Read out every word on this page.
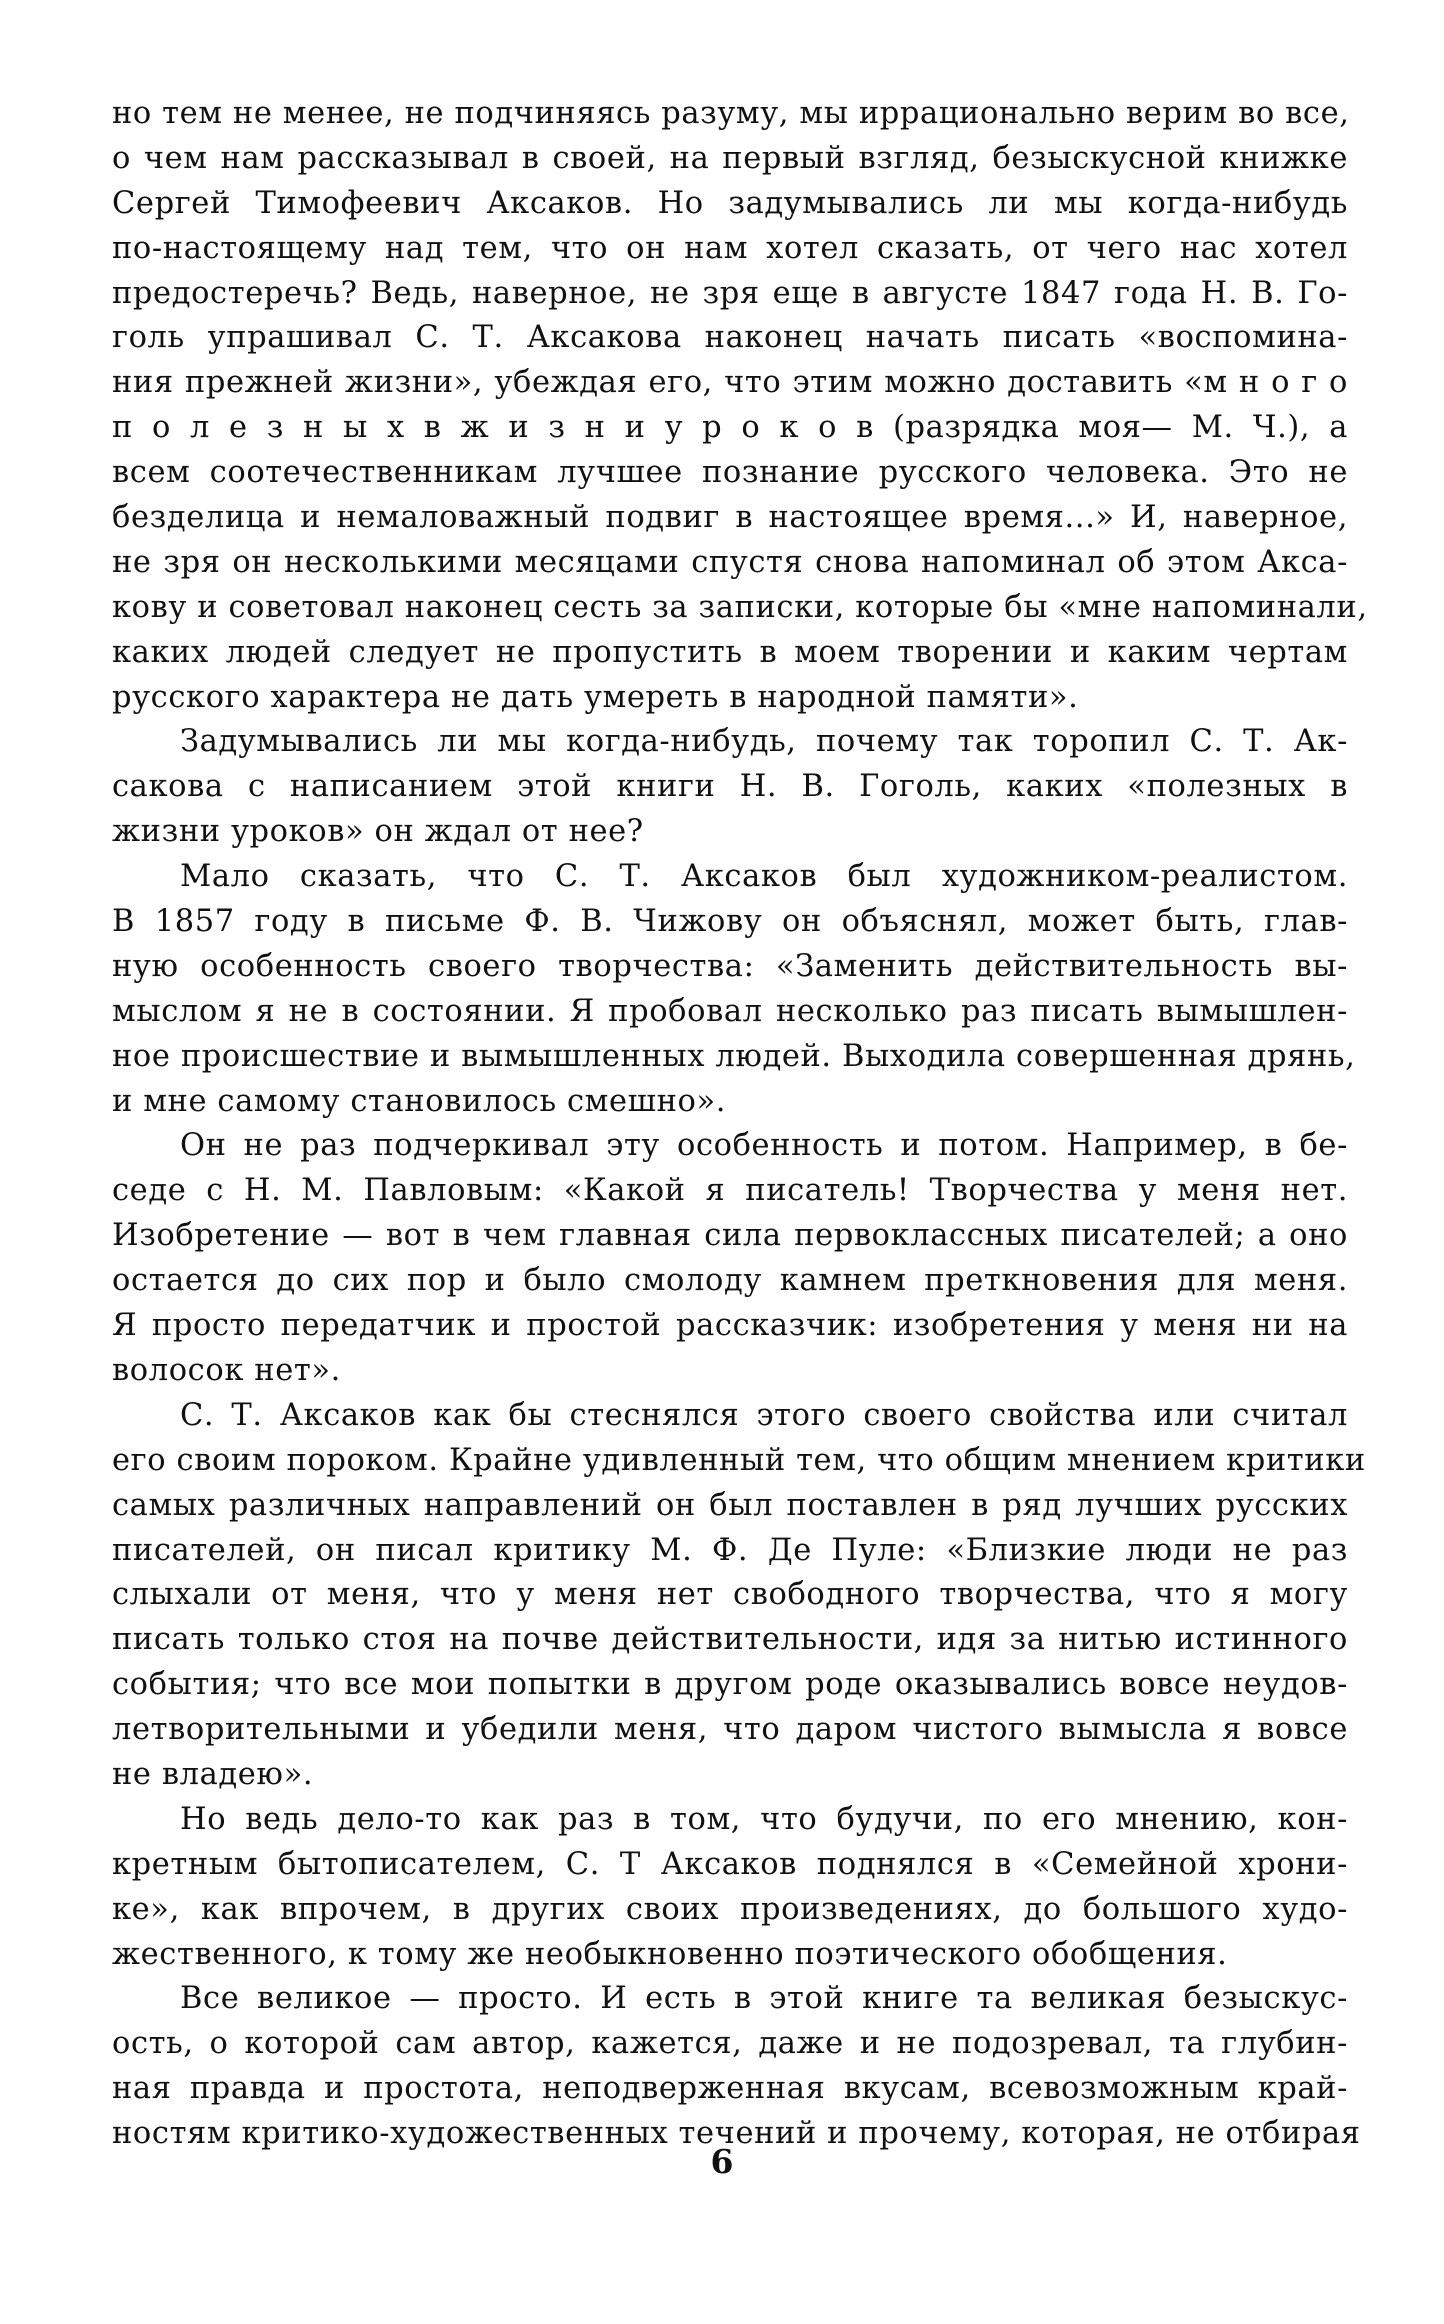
но тем не менее, не подчиняясь разуму, мы иррационально верим во все,
о чем нам рассказывал в своей, на первый взгляд, безыскусной книжке
Сергей Тимофеевич Аксаков. Но задумывались ли мы когда-нибудь
по-настоящему над тем, что он нам хотел сказать, от чего нас хотел
предостеречь? Ведь, наверное, не зря еще в августе 1847 года Н. В. Го-
голь упрашивал С. Т. Аксакова наконец начать писать «воспомина-
ния прежней жизни», убеждая его, что этим можно доставить «м н о г о
п о л е з н ы х в ж и з н и у р о к о в (разрядка моя— М. Ч.), а
всем соотечественникам лучшее познание русского человека. Это не
безделица и немаловажный подвиг в настоящее время...» И, наверное,
не зря он несколькими месяцами спустя снова напоминал об этом Акса-
кову и советовал наконец сесть за записки, которые бы «мне напоминали,
каких людей следует не пропустить в моем творении и каким чертам
русского характера не дать умереть в народной памяти».
Задумывались ли мы когда-нибудь, почему так торопил С. Т. Ак-
сакова с написанием этой книги Н. В. Гоголь, каких «полезных в
жизни уроков» он ждал от нее?
Мало сказать, что С. Т. Аксаков был художником-реалистом.
В 1857 году в письме Ф. В. Чижову он объяснял, может быть, глав-
ную особенность своего творчества: «Заменить действительность вы-
мыслом я не в состоянии. Я пробовал несколько раз писать вымышлен-
ное происшествие и вымышленных людей. Выходила совершенная дрянь,
и мне самому становилось смешно».
Он не раз подчеркивал эту особенность и потом. Например, в бе-
седе с Н. М. Павловым: «Какой я писатель! Творчества у меня нет.
Изобретение — вот в чем главная сила первоклассных писателей; а оно
остается до сих пор и было смолоду камнем преткновения для меня.
Я просто передатчик и простой рассказчик: изобретения у меня ни на
волосок нет».
С. Т. Аксаков как бы стеснялся этого своего свойства или считал
его своим пороком. Крайне удивленный тем, что общим мнением критики
самых различных направлений он был поставлен в ряд лучших русских
писателей, он писал критику М. Ф. Де Пуле: «Близкие люди не раз
слыхали от меня, что у меня нет свободного творчества, что я могу
писать только стоя на почве действительности, идя за нитью истинного
события; что все мои попытки в другом роде оказывались вовсе неудов-
летворительными и убедили меня, что даром чистого вымысла я вовсе
не владею».
Но ведь дело-то как раз в том, что будучи, по его мнению, кон-
кретным бытописателем, С. Т Аксаков поднялся в «Семейной хрони-
ке», как впрочем, в других своих произведениях, до большого худо-
жественного, к тому же необыкновенно поэтического обобщения.
Все великое — просто. И есть в этой книге та великая безыскус-
ость, о которой сам автор, кажется, даже и не подозревал, та глубин-
ная правда и простота, неподверженная вкусам, всевозможным край-
ностям критико-художественных течений и прочему, которая, не отбирая
6
